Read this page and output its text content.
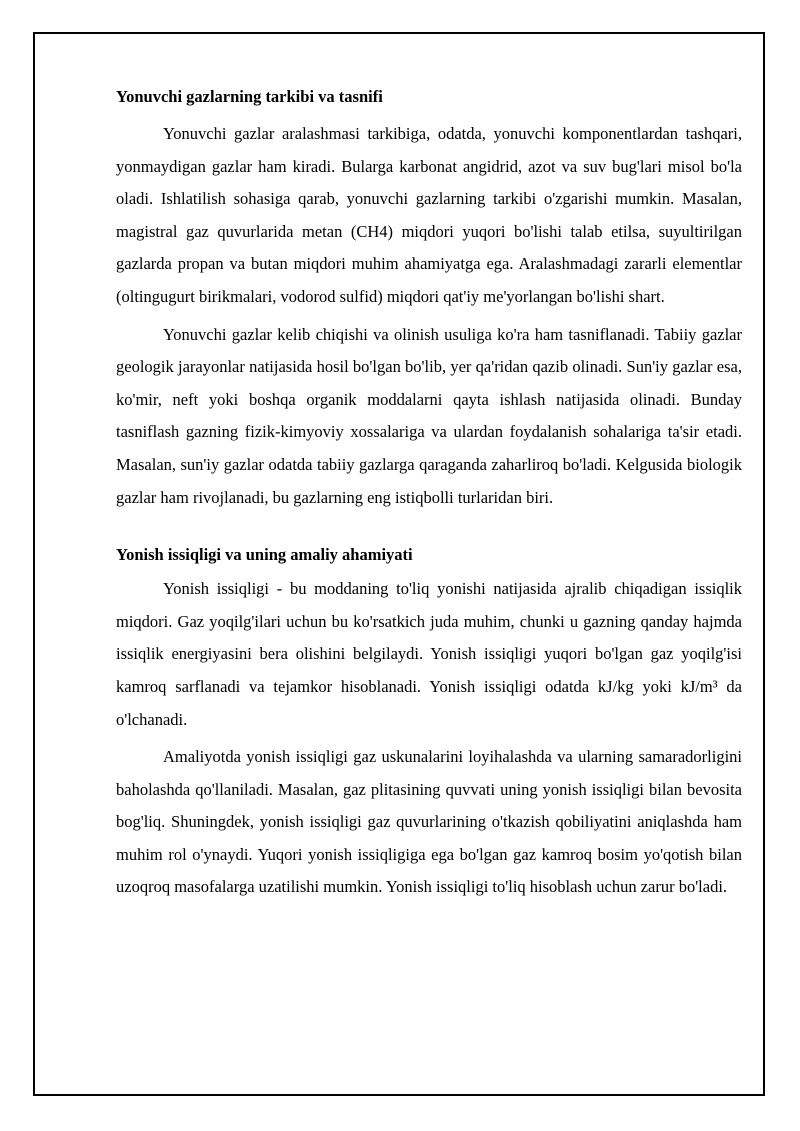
Yonuvchi gazlarning tarkibi va tasnifi

Yonuvchi gazlar aralashmasi tarkibiga, odatda, yonuvchi komponentlardan tashqari, yonmaydigan gazlar ham kiradi. Bularga karbonat angidrid, azot va suv bug'lari misol bo'la oladi. Ishlatilish sohasiga qarab, yonuvchi gazlarning tarkibi o'zgarishi mumkin. Masalan, magistral gaz quvurlarida metan (CH4) miqdori yuqori bo'lishi talab etilsa, suyultirilgan gazlarda propan va butan miqdori muhim ahamiyatga ega. Aralashmadagi zararli elementlar (oltingugurt birikmalari, vodorod sulfid) miqdori qat'iy me'yorlangan bo'lishi shart.

Yonuvchi gazlar kelib chiqishi va olinish usuliga ko'ra ham tasniflanadi. Tabiiy gazlar geologik jarayonlar natijasida hosil bo'lgan bo'lib, yer qa'ridan qazib olinadi. Sun'iy gazlar esa, ko'mir, neft yoki boshqa organik moddalarni qayta ishlash natijasida olinadi. Bunday tasniflash gazning fizik-kimyoviy xossalariga va ulardan foydalanish sohalariga ta'sir etadi. Masalan, sun'iy gazlar odatda tabiiy gazlarga qaraganda zaharliroq bo'ladi. Kelgusida biologik gazlar ham rivojlanadi, bu gazlarning eng istiqbolli turlaridan biri.

Yonish issiqligi va uning amaliy ahamiyati

Yonish issiqligi - bu moddaning to'liq yonishi natijasida ajralib chiqadigan issiqlik miqdori. Gaz yoqilg'ilari uchun bu ko'rsatkich juda muhim, chunki u gazning qanday hajmda issiqlik energiyasini bera olishini belgilaydi. Yonish issiqligi yuqori bo'lgan gaz yoqilg'isi kamroq sarflanadi va tejamkor hisoblanadi. Yonish issiqligi odatda kJ/kg yoki kJ/m³ da o'lchanadi.

Amaliyotda yonish issiqligi gaz uskunalarini loyihalashda va ularning samaradorligini baholashda qo'llaniladi. Masalan, gaz plitasining quvvati uning yonish issiqligi bilan bevosita bog'liq. Shuningdek, yonish issiqligi gaz quvurlarining o'tkazish qobiliyatini aniqlashda ham muhim rol o'ynaydi. Yuqori yonish issiqligiga ega bo'lgan gaz kamroq bosim yo'qotish bilan uzoqroq masofalarga uzatilishi mumkin. Yonish issiqligi to'liq hisoblash uchun zarur bo'ladi.
